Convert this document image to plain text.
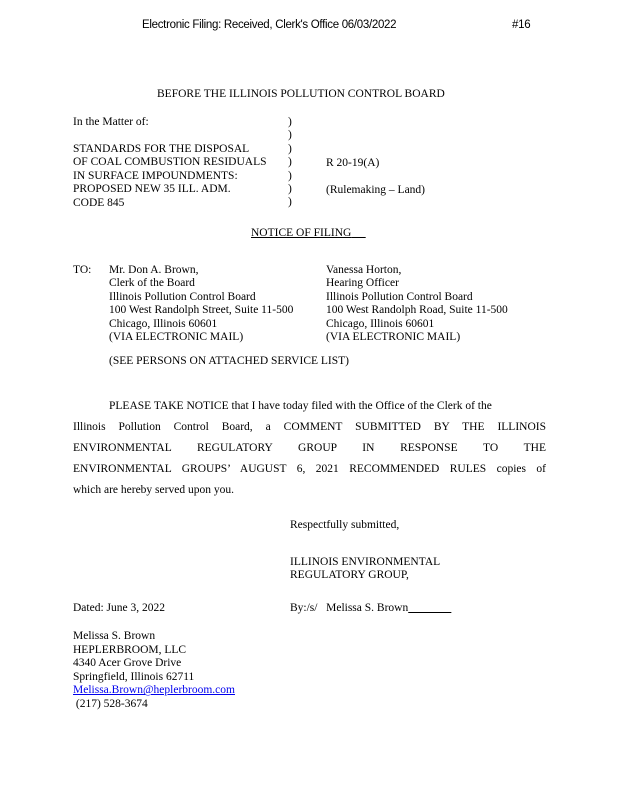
Electronic Filing: Received, Clerk's Office 06/03/2022	#16
BEFORE THE ILLINOIS POLLUTION CONTROL BOARD
In the Matter of:
STANDARDS FOR THE DISPOSAL
OF COAL COMBUSTION RESIDUALS
IN SURFACE IMPOUNDMENTS:
PROPOSED NEW 35 ILL. ADM.
CODE 845
)
)
)
)
)
)
)
R 20-19(A)
(Rulemaking – Land)
NOTICE OF FILING
TO: Mr. Don A. Brown,
Clerk of the Board
Illinois Pollution Control Board
100 West Randolph Street, Suite 11-500
Chicago, Illinois 60601
(VIA ELECTRONIC MAIL)
Vanessa Horton,
Hearing Officer
Illinois Pollution Control Board
100 West Randolph Road, Suite 11-500
Chicago, Illinois 60601
(VIA ELECTRONIC MAIL)
(SEE PERSONS ON ATTACHED SERVICE LIST)
PLEASE TAKE NOTICE that I have today filed with the Office of the Clerk of the
Illinois Pollution Control Board, a COMMENT SUBMITTED BY THE ILLINOIS
ENVIRONMENTAL REGULATORY GROUP IN RESPONSE TO THE
ENVIRONMENTAL GROUPS’ AUGUST 6, 2021 RECOMMENDED RULES copies of
which are hereby served upon you.
Respectfully submitted,
ILLINOIS ENVIRONMENTAL
REGULATORY GROUP,
Dated: June 3, 2022	By:/s/ Melissa S. Brown
Melissa S. Brown
HEPLERBROOM, LLC
4340 Acer Grove Drive
Springfield, Illinois 62711
Melissa.Brown@heplerbroom.com
(217) 528-3674
